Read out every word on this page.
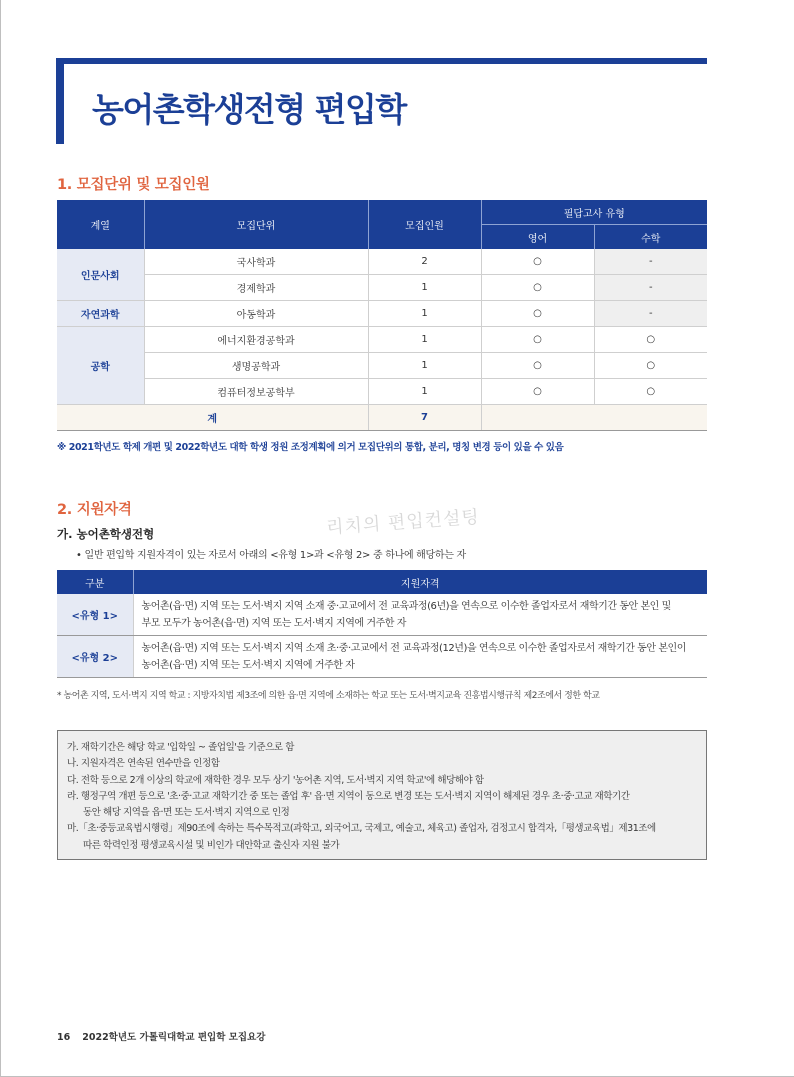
농어촌학생전형 편입학
1. 모집단위 및 모집인원
계열	모집단위	모집인원	필답고사 유형	
			영어	수학
인문사회	국사학과	2	○	-
	경제학과	1	○	-
자연과학	아동학과	1	○	-
공학	에너지환경공학과	1	○	○
	생명공학과	1	○	○
	컴퓨터정보공학부	1	○	○
계		7		
※ 2021학년도 학제 개편 및 2022학년도 대학 학생 정원 조정계획에 의거 모집단위의 통합, 분리, 명칭 변경 등이 있을 수 있음
2. 지원자격	리치의 편입컨설팅
가. 농어촌학생전형
• 일반 편입학 지원자격이 있는 자로서 아래의 <유형 1>과 <유형 2> 중 하나에 해당하는 자
구분	지원자격
<유형 1>	농어촌(읍·면) 지역 또는 도서·벽지 지역 소재 중·고교에서 전 교육과정(6년)을 연속으로 이수한 졸업자로서 재학기간 동안 본인 및
부모 모두가 농어촌(읍·면) 지역 또는 도서·벽지 지역에 거주한 자

<유형 2>	농어촌(읍·면) 지역 또는 도서·벽지 지역 소재 초·중·고교에서 전 교육과정(12년)을 연속으로 이수한 졸업자로서 재학기간 동안 본인이
농어촌(읍·면) 지역 또는 도서·벽지 지역에 거주한 자
* 농어촌 지역, 도서·벽지 지역 학교 : 지방자치법 제3조에 의한 읍·면 지역에 소재하는 학교 또는 도서·벽지교육 진흥법시행규칙 제2조에서 정한 학교
가. 재학기간은 해당 학교 '입학일 ~ 졸업일'을 기준으로 함
나. 지원자격은 연속된 연수만을 인정함
다. 전학 등으로 2개 이상의 학교에 재학한 경우 모두 상기 '농어촌 지역, 도서·벽지 지역 학교'에 해당해야 함
라. 행정구역 개편 등으로 '초·중·고교 재학기간 중 또는 졸업 후' 읍·면 지역이 동으로 변경 또는 도서·벽지 지역이 해제된 경우 초·중·고교 재학기간
동안 해당 지역을 읍·면 또는 도서·벽지 지역으로 인정
마.「초·중등교육법시행령」제90조에 속하는 특수목적고(과학고, 외국어고, 국제고, 예술고, 체육고) 졸업자, 검정고시 합격자,「평생교육법」제31조에
따른 학력인정 평생교육시설 및 비인가 대안학교 출신자 지원 불가
16 2022학년도 가톨릭대학교 편입학 모집요강
